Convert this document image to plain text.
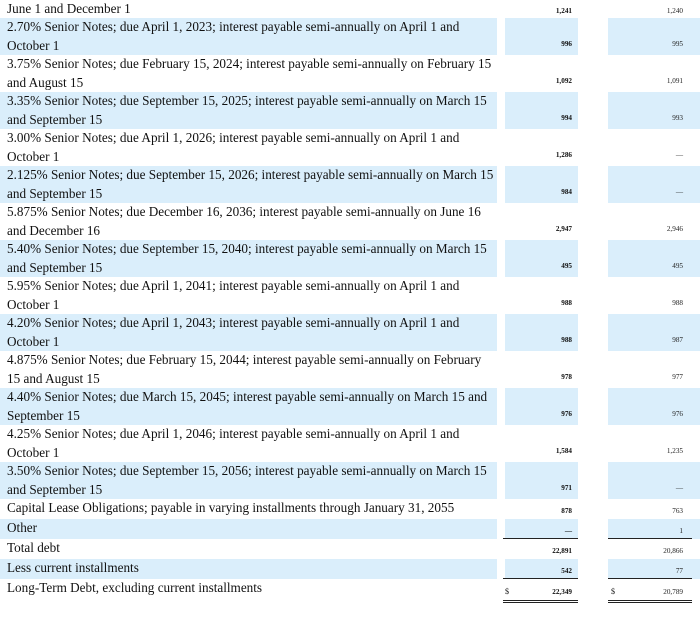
June 1 and December 1	1,241	1,240
2.70% Senior Notes; due April 1, 2023; interest payable semi-annually on April 1 and October 1	996	995
3.75% Senior Notes; due February 15, 2024; interest payable semi-annually on February 15 and August 15	1,092	1,091
3.35% Senior Notes; due September 15, 2025; interest payable semi-annually on March 15 and September 15	994	993
3.00% Senior Notes; due April 1, 2026; interest payable semi-annually on April 1 and October 1	1,286	—
2.125% Senior Notes; due September 15, 2026; interest payable semi-annually on March 15 and September 15	984	—
5.875% Senior Notes; due December 16, 2036; interest payable semi-annually on June 16 and December 16	2,947	2,946
5.40% Senior Notes; due September 15, 2040; interest payable semi-annually on March 15 and September 15	495	495
5.95% Senior Notes; due April 1, 2041; interest payable semi-annually on April 1 and October 1	988	988
4.20% Senior Notes; due April 1, 2043; interest payable semi-annually on April 1 and October 1	988	987
4.875% Senior Notes; due February 15, 2044; interest payable semi-annually on February 15 and August 15	978	977
4.40% Senior Notes; due March 15, 2045; interest payable semi-annually on March 15 and September 15	976	976
4.25% Senior Notes; due April 1, 2046; interest payable semi-annually on April 1 and October 1	1,584	1,235
3.50% Senior Notes; due September 15, 2056; interest payable semi-annually on March 15 and September 15	971	—
Capital Lease Obligations; payable in varying installments through January 31, 2055	878	763
Other	—	1
Total debt	22,891	20,866
Less current installments	542	77
Long-Term Debt, excluding current installments	22,349	20,789
$	$
